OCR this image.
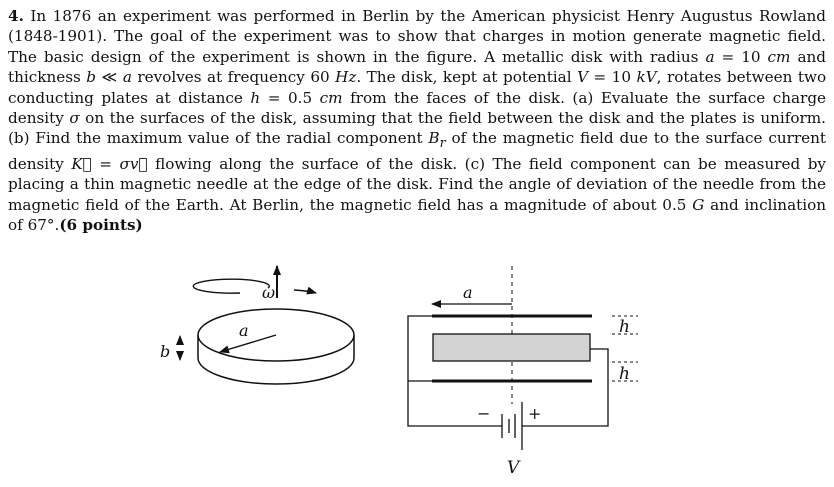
4. In 1876 an experiment was performed in Berlin by the American physicist Henry Augustus Rowland (1848-1901). The goal of the experiment was to show that charges in motion generate magnetic field. The basic design of the experiment is shown in the figure. A metallic disk with radius a = 10 cm and thickness b ≪ a revolves at frequency 60 Hz. The disk, kept at potential V = 10 kV, rotates between two conducting plates at distance h = 0.5 cm from the faces of the disk. (a) Evaluate the surface charge density σ on the surfaces of the disk, assuming that the field between the disk and the plates is uniform. (b) Find the maximum value of the radial component $B_r$ of the magnetic field due to the surface current density K⃗ = σv⃗ flowing along the surface of the disk. (c) The field component can be measured by placing a thin magnetic needle at the edge of the disk. Find the angle of deviation of the needle from the magnetic field of the Earth. At Berlin, the magnetic field has a magnitude of about 0.5 G and inclination of 67°.(6 points)
ω
a
b
a
− +
V
h
h
